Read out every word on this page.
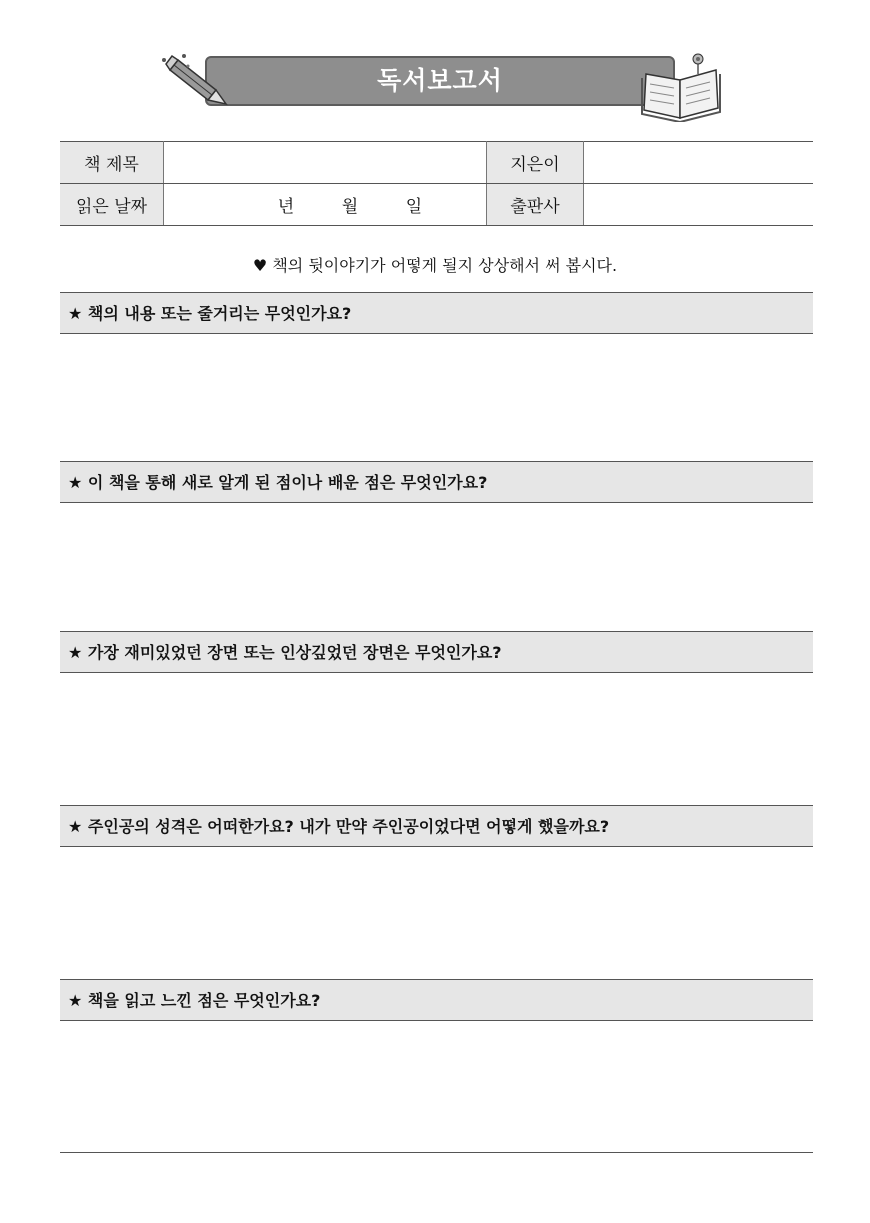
독서보고서
책 제목		지은이	
읽은 날짜	년 월 일	출판사	
♥ 책의 뒷이야기가 어떻게 될지 상상해서 써 봅시다.
★ 책의 내용 또는 줄거리는 무엇인가요?
★ 이 책을 통해 새로 알게 된 점이나 배운 점은 무엇인가요?
★ 가장 재미있었던 장면 또는 인상깊었던 장면은 무엇인가요?
★ 주인공의 성격은 어떠한가요? 내가 만약 주인공이었다면 어떻게 했을까요?
★ 책을 읽고 느낀 점은 무엇인가요?
